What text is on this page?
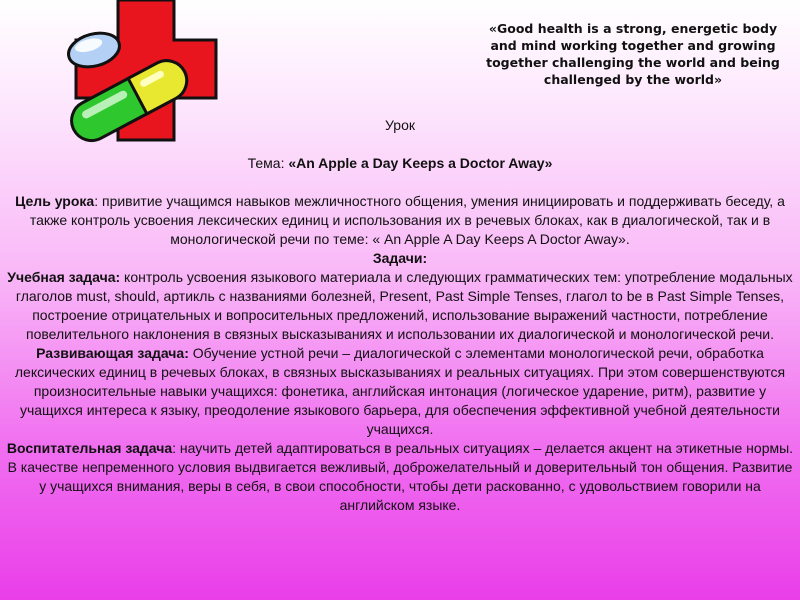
«Good health is a strong, energetic body and mind working together and growing together challenging the world and being challenged by the world»

Урок

Тема: «An Apple a Day Keeps a Doctor Away»

Цель урока: привитие учащимся навыков межличностного общения, умения инициировать и поддерживать беседу, а также контроль усвоения лексических единиц и использования их в речевых блоках, как в диалогической, так и в монологической речи по теме: « An Apple A Day Keeps A Doctor Away».

Задачи:

Учебная задача: контроль усвоения языкового материала и следующих грамматических тем: употребление модальных глаголов must, should, артикль с названиями болезней, Present, Past Simple Tenses, глагол to be в Past Simple Tenses, построение отрицательных и вопросительных предложений, использование выражений частности, потребление повелительного наклонения в связных высказываниях и использовании их диалогической и монологической речи.

Развивающая задача: Обучение устной речи – диалогической с элементами монологической речи, обработка лексических единиц в речевых блоках, в связных высказываниях и реальных ситуациях. При этом совершенствуются произносительные навыки учащихся: фонетика, английская интонация (логическое ударение, ритм), развитие у учащихся интереса к языку, преодоление языкового барьера, для обеспечения эффективной учебной деятельности учащихся.

Воспитательная задача: научить детей адаптироваться в реальных ситуациях – делается акцент на этикетные нормы. В качестве непременного условия выдвигается вежливый, доброжелательный и доверительный тон общения. Развитие у учащихся внимания, веры в себя, в свои способности, чтобы дети раскованно, с удовольствием говорили на английском языке.
